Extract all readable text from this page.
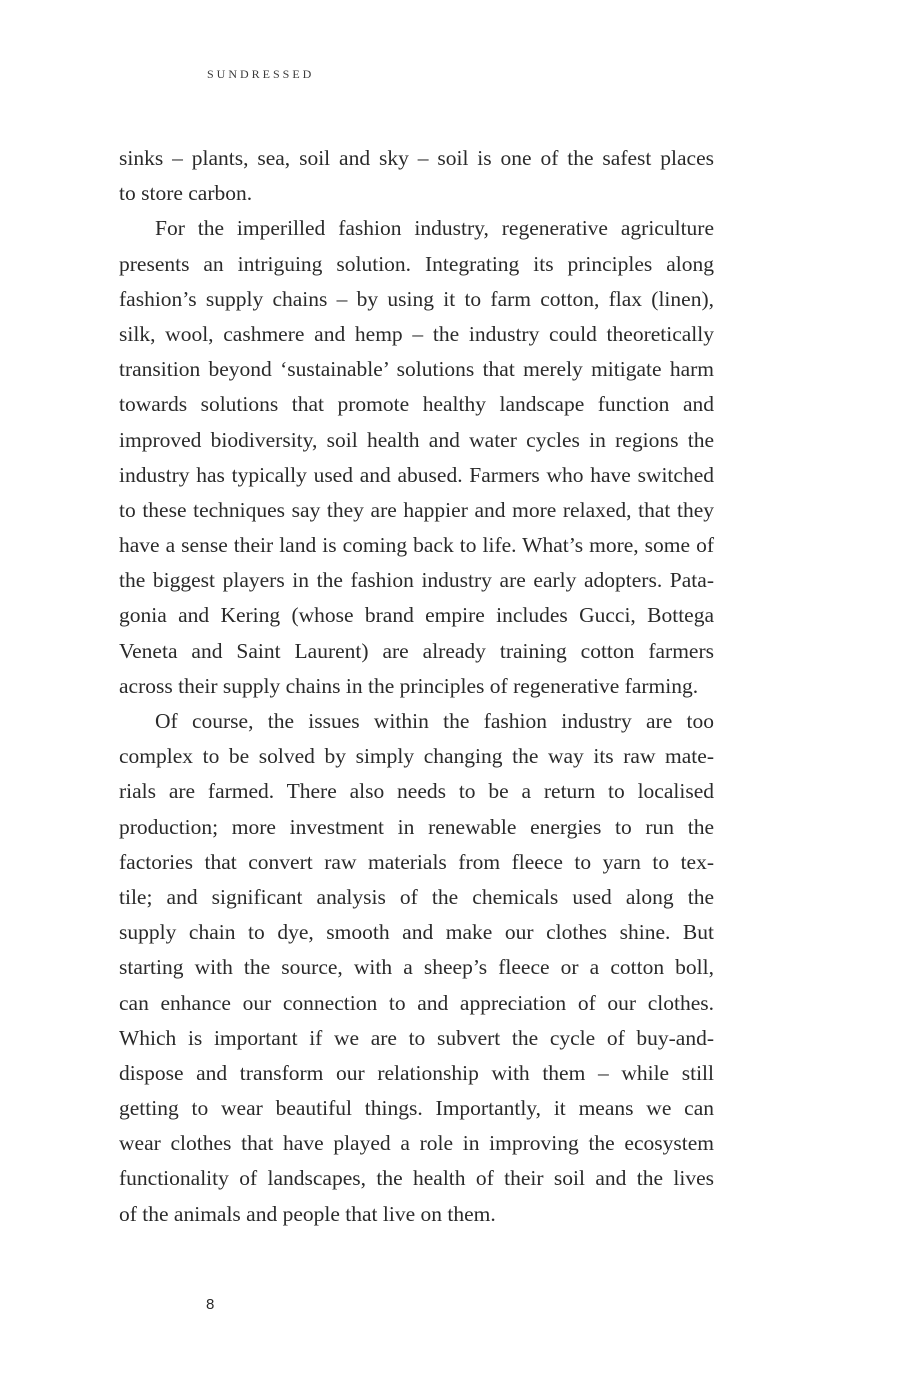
SUNDRESSED
sinks – plants, sea, soil and sky – soil is one of the safest places
to store carbon.
For the imperilled fashion industry, regenerative agriculture
presents an intriguing solution. Integrating its principles along
fashion’s supply chains – by using it to farm cotton, flax (linen),
silk, wool, cashmere and hemp – the industry could theoretically
transition beyond ‘sustainable’ solutions that merely mitigate harm
towards solutions that promote healthy landscape function and
improved biodiversity, soil health and water cycles in regions the
industry has typically used and abused. Farmers who have switched
to these techniques say they are happier and more relaxed, that they
have a sense their land is coming back to life. What’s more, some of
the biggest players in the fashion industry are early adopters. Pata-
gonia and Kering (whose brand empire includes Gucci, Bottega
Veneta and Saint Laurent) are already training cotton farmers
across their supply chains in the principles of regenerative farming.
Of course, the issues within the fashion industry are too
complex to be solved by simply changing the way its raw mate-
rials are farmed. There also needs to be a return to localised
production; more investment in renewable energies to run the
factories that convert raw materials from fleece to yarn to tex-
tile; and significant analysis of the chemicals used along the
supply chain to dye, smooth and make our clothes shine. But
starting with the source, with a sheep’s fleece or a cotton boll,
can enhance our connection to and appreciation of our clothes.
Which is important if we are to subvert the cycle of buy-and-
dispose and transform our relationship with them – while still
getting to wear beautiful things. Importantly, it means we can
wear clothes that have played a role in improving the ecosystem
functionality of landscapes, the health of their soil and the lives
of the animals and people that live on them.
8
